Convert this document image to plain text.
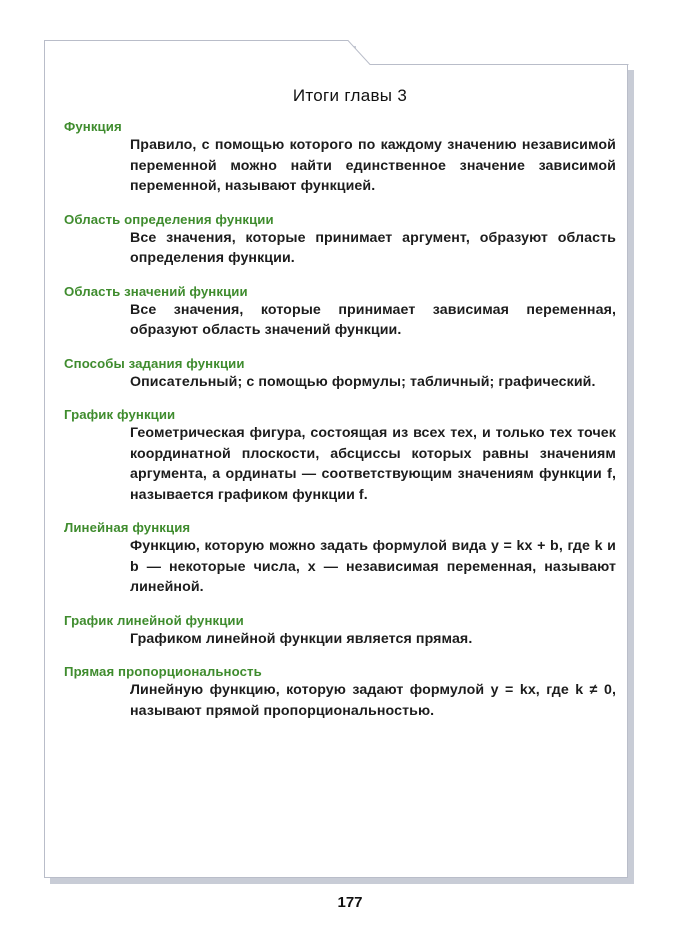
Итоги главы 3
Функция
Правило, с помощью которого по каждому значению независимой переменной можно найти единственное значение зависимой переменной, называют функцией.
Область определения функции
Все значения, которые принимает аргумент, образуют область определения функции.
Область значений функции
Все значения, которые принимает зависимая переменная, образуют область значений функции.
Способы задания функции
Описательный; с помощью формулы; табличный; графический.
График функции
Геометрическая фигура, состоящая из всех тех, и только тех точек координатной плоскости, абсциссы которых равны значениям аргумента, а ординаты — соответствующим значениям функции f, называется графиком функции f.
Линейная функция
Функцию, которую можно задать формулой вида y = kx + b, где k и b — некоторые числа, x — независимая переменная, называют линейной.
График линейной функции
Графиком линейной функции является прямая.
Прямая пропорциональность
Линейную функцию, которую задают формулой y = kx, где k ≠ 0, называют прямой пропорциональностью.
177
